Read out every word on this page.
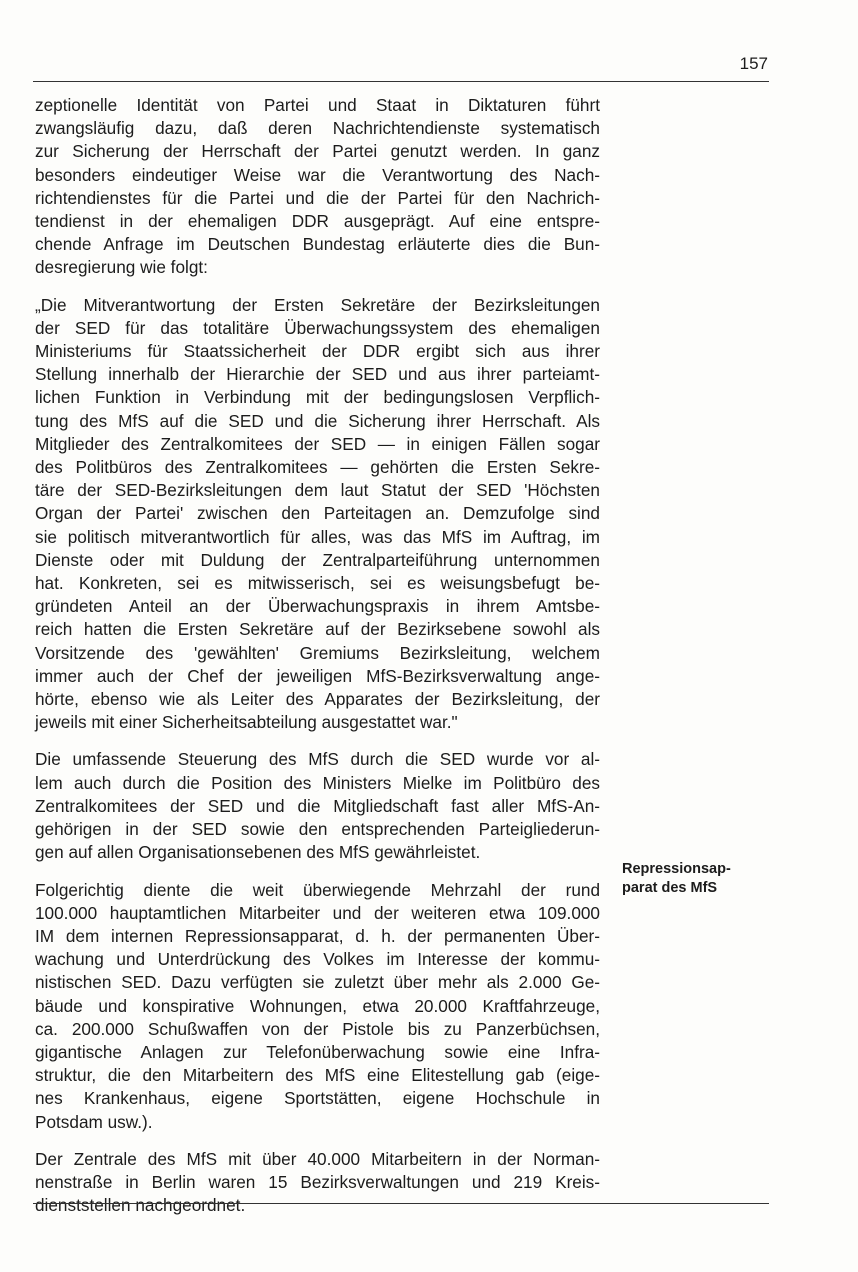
157
zeptionelle Identität von Partei und Staat in Diktaturen führt
zwangsläufig dazu, daß deren Nachrichtendienste systematisch
zur Sicherung der Herrschaft der Partei genutzt werden. In ganz
besonders eindeutiger Weise war die Verantwortung des Nach-
richtendienstes für die Partei und die der Partei für den Nachrich-
tendienst in der ehemaligen DDR ausgeprägt. Auf eine entspre-
chende Anfrage im Deutschen Bundestag erläuterte dies die Bun-
desregierung wie folgt:
„Die Mitverantwortung der Ersten Sekretäre der Bezirksleitungen
der SED für das totalitäre Überwachungssystem des ehemaligen
Ministeriums für Staatssicherheit der DDR ergibt sich aus ihrer
Stellung innerhalb der Hierarchie der SED und aus ihrer parteiamt-
lichen Funktion in Verbindung mit der bedingungslosen Verpflich-
tung des MfS auf die SED und die Sicherung ihrer Herrschaft. Als
Mitglieder des Zentralkomitees der SED — in einigen Fällen sogar
des Politbüros des Zentralkomitees — gehörten die Ersten Sekre-
täre der SED-Bezirksleitungen dem laut Statut der SED 'Höchsten
Organ der Partei' zwischen den Parteitagen an. Demzufolge sind
sie politisch mitverantwortlich für alles, was das MfS im Auftrag, im
Dienste oder mit Duldung der Zentralparteiführung unternommen
hat. Konkreten, sei es mitwisserisch, sei es weisungsbefugt be-
gründeten Anteil an der Überwachungspraxis in ihrem Amtsbe-
reich hatten die Ersten Sekretäre auf der Bezirksebene sowohl als
Vorsitzende des 'gewählten' Gremiums Bezirksleitung, welchem
immer auch der Chef der jeweiligen MfS-Bezirksverwaltung ange-
hörte, ebenso wie als Leiter des Apparates der Bezirksleitung, der
jeweils mit einer Sicherheitsabteilung ausgestattet war."
Die umfassende Steuerung des MfS durch die SED wurde vor al-
lem auch durch die Position des Ministers Mielke im Politbüro des
Zentralkomitees der SED und die Mitgliedschaft fast aller MfS-An-
gehörigen in der SED sowie den entsprechenden Parteigliederun-
gen auf allen Organisationsebenen des MfS gewährleistet.
Folgerichtig diente die weit überwiegende Mehrzahl der rund
100.000 hauptamtlichen Mitarbeiter und der weiteren etwa 109.000
IM dem internen Repressionsapparat, d. h. der permanenten Über-
wachung und Unterdrückung des Volkes im Interesse der kommu-
nistischen SED. Dazu verfügten sie zuletzt über mehr als 2.000 Ge-
bäude und konspirative Wohnungen, etwa 20.000 Kraftfahrzeuge,
ca. 200.000 Schußwaffen von der Pistole bis zu Panzerbüchsen,
gigantische Anlagen zur Telefonüberwachung sowie eine Infra-
struktur, die den Mitarbeitern des MfS eine Elitestellung gab (eige-
nes Krankenhaus, eigene Sportstätten, eigene Hochschule in
Potsdam usw.).
Der Zentrale des MfS mit über 40.000 Mitarbeitern in der Norman-
nenstraße in Berlin waren 15 Bezirksverwaltungen und 219 Kreis-
dienststellen nachgeordnet.
Repressionsap-
parat des MfS
